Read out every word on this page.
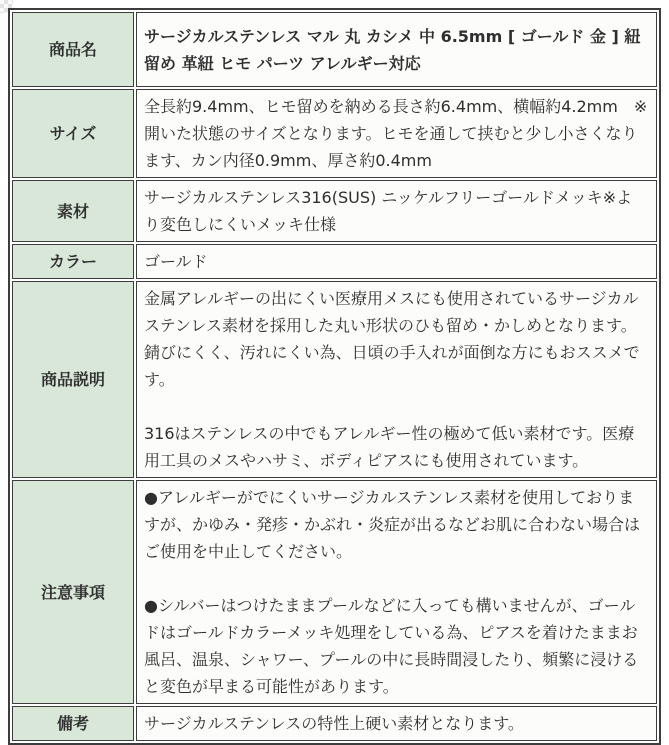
商品名	サージカルステンレス マル 丸 カシメ 中 6.5mm [ ゴールド 金 ] 紐留め 革紐 ヒモ パーツ アレルギー対応
サイズ	全長約9.4mm、ヒモ留めを納める長さ約6.4mm、横幅約4.2mm　※開いた状態のサイズとなります。ヒモを通して挟むと少し小さくなります、カン内径0.9mm、厚さ約0.4mm
素材	サージカルステンレス316(SUS) ニッケルフリーゴールドメッキ※より変色しにくいメッキ仕様
カラー	ゴールド
商品説明	金属アレルギーの出にくい医療用メスにも使用されているサージカルステンレス素材を採用した丸い形状のひも留め・かしめとなります。錆びにくく、汚れにくい為、日頃の手入れが面倒な方にもおススメです。

316はステンレスの中でもアレルギー性の極めて低い素材です。医療用工具のメスやハサミ、ボディピアスにも使用されています。

注意事項	●アレルギーがでにくいサージカルステンレス素材を使用しておりますが、かゆみ・発疹・かぶれ・炎症が出るなどお肌に合わない場合はご使用を中止してください。

●シルバーはつけたままプールなどに入っても構いませんが、ゴールドはゴールドカラーメッキ処理をしている為、ピアスを着けたままお風呂、温泉、シャワー、プールの中に長時間浸したり、頻繁に浸けると変色が早まる可能性があります。

備考	サージカルステンレスの特性上硬い素材となります。
